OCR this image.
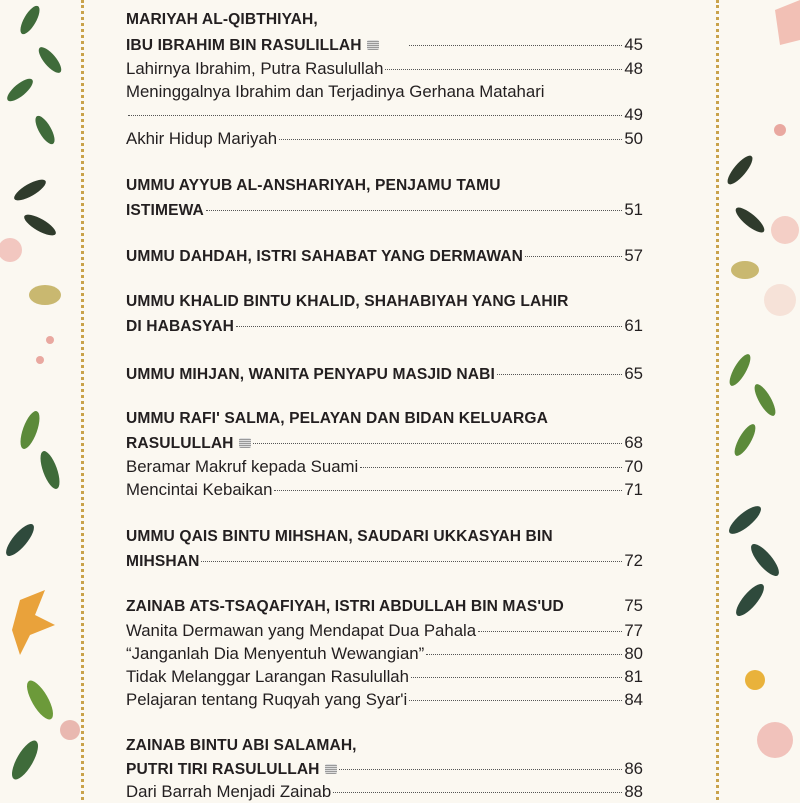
MARIYAH AL-QIBTHIYAH,
IBU IBRAHIM BIN RASULILLAH	45
Lahirnya Ibrahim, Putra Rasulullah	48
Meninggalnya Ibrahim dan Terjadinya Gerhana Matahari
49
Akhir Hidup Mariyah	50
UMMU AYYUB AL-ANSHARIYAH, PENJAMU TAMU
ISTIMEWA	51
UMMU DAHDAH, ISTRI SAHABAT YANG DERMAWAN	57
UMMU KHALID BINTU KHALID, SHAHABIYAH YANG LAHIR
DI HABASYAH	61
UMMU MIHJAN, WANITA PENYAPU MASJID NABI	65
UMMU RAFI' SALMA, PELAYAN DAN BIDAN KELUARGA
RASULULLAH	68
Beramar Makruf kepada Suami	70
Mencintai Kebaikan	71
UMMU QAIS BINTU MIHSHAN, SAUDARI UKKASYAH BIN
MIHSHAN	72
ZAINAB ATS-TSAQAFIYAH, ISTRI ABDULLAH BIN MAS'UD	75
Wanita Dermawan yang Mendapat Dua Pahala	77
“Janganlah Dia Menyentuh Wewangian”	80
Tidak Melanggar Larangan Rasulullah	81
Pelajaran tentang Ruqyah yang Syar'i	84
ZAINAB BINTU ABI SALAMAH,
PUTRI TIRI RASULULLAH	86
Dari Barrah Menjadi Zainab	88
